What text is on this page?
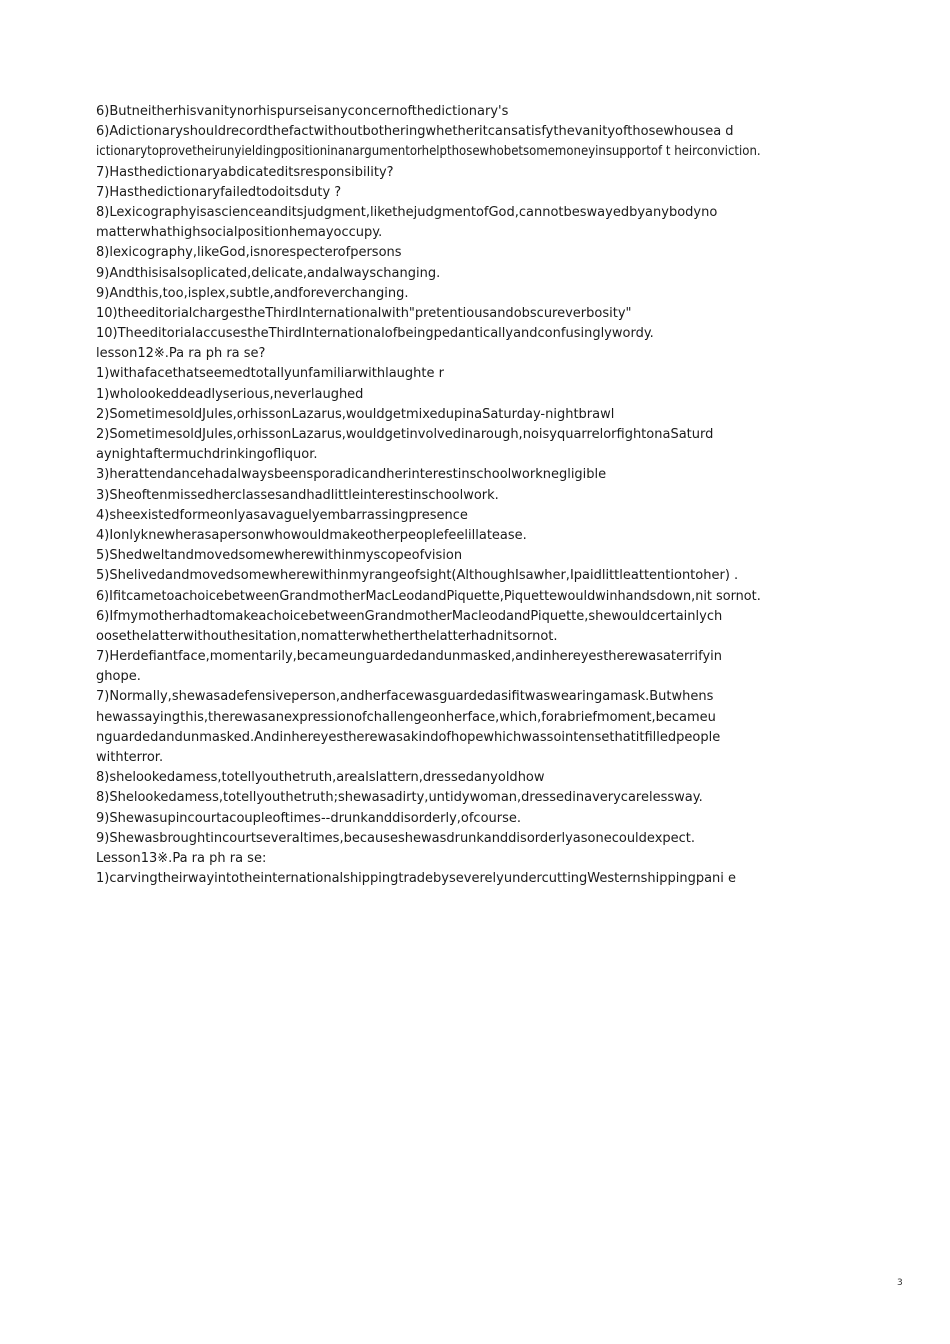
6)Butneitherhisvanitynorhispurseisanyconcernofthedictionary's
6)Adictionaryshouldrecordthefactwithoutbotheringwhetheritcansatisfythevanityofthosewhousea d
ictionarytoprovetheirunyieldingpositioninanargumentorhelpthosewhobetsomemoneyinsupportof t heirconviction.
7)Hasthedictionaryabdicateditsresponsibility?
7)Hasthedictionaryfailedtodoitsduty ?
8)Lexicographyisascienceanditsjudgment,likethejudgmentofGod,cannotbeswayedbyanybodyno
matterwhathighsocialpositionhemayoccupy.
8)lexicography,likeGod,isnorespecterofpersons
9)Andthisisalsoplicated,delicate,andalwayschanging.
9)Andthis,too,isplex,subtle,andforeverchanging.
10)theeditorialchargestheThirdInternationalwith"pretentiousandobscureverbosity"
10)TheeditorialaccusestheThirdInternationalofbeingpedanticallyandconfusinglywordy.
lesson12※.Pa ra ph ra se?
1)withafacethatseemedtotallyunfamiliarwithlaughte r
1)wholookeddeadlyserious,neverlaughed
2)SometimesoldJules,orhissonLazarus,wouldgetmixedupinaSaturday-nightbrawl
2)SometimesoldJules,orhissonLazarus,wouldgetinvolvedinarough,noisyquarrelorfightonaSaturd
aynightaftermuchdrinkingofliquor.
3)herattendancehadalwaysbeensporadicandherinterestinschoolworknegligible
3)Sheoftenmissedherclassesandhadlittleinterestinschoolwork.
4)sheexistedformeonlyasavaguelyembarrassingpresence
4)Ionlyknewherasapersonwhowouldmakeotherpeoplefeelillatease.
5)Shedweltandmovedsomewherewithinmyscopeofvision
5)Shelivedandmovedsomewherewithinmyrangeofsight(AlthoughIsawher,Ipaidlittleattentiontoher) .
6)IfitcametoachoicebetweenGrandmotherMacLeodandPiquette,Piquettewouldwinhandsdown,nit sornot.
6)IfmymotherhadtomakeachoicebetweenGrandmotherMacleodandPiquette,shewouldcertainlych
oosethelatterwithouthesitation,nomatterwhetherthelatterhadnitsornot.
7)Herdefiantface,momentarily,becameunguardedandunmasked,andinhereyestherewasaterrifyin
ghope.
7)Normally,shewasadefensiveperson,andherfacewasguardedasifitwaswearingamask.Butwhens
hewassayingthis,therewasanexpressionofchallengeonherface,which,forabriefmoment,becameu
nguardedandunmasked.Andinhereyestherewasakindofhopewhichwassointensethatitfilledpeople
withterror.
8)shelookedamess,totellyouthetruth,arealslattern,dressedanyoldhow
8)Shelookedamess,totellyouthetruth;shewasadirty,untidywoman,dressedinaverycarelessway.
9)Shewasupincourtacoupleoftimes--drunkanddisorderly,ofcourse.
9)Shewasbroughtincourtseveraltimes,becauseshewasdrunkanddisorderlyasonecouldexpect.
Lesson13※.Pa ra ph ra se:
1)carvingtheirwayintotheinternationalshippingtradebyseverelyundercuttingWesternshippingpani e
3
